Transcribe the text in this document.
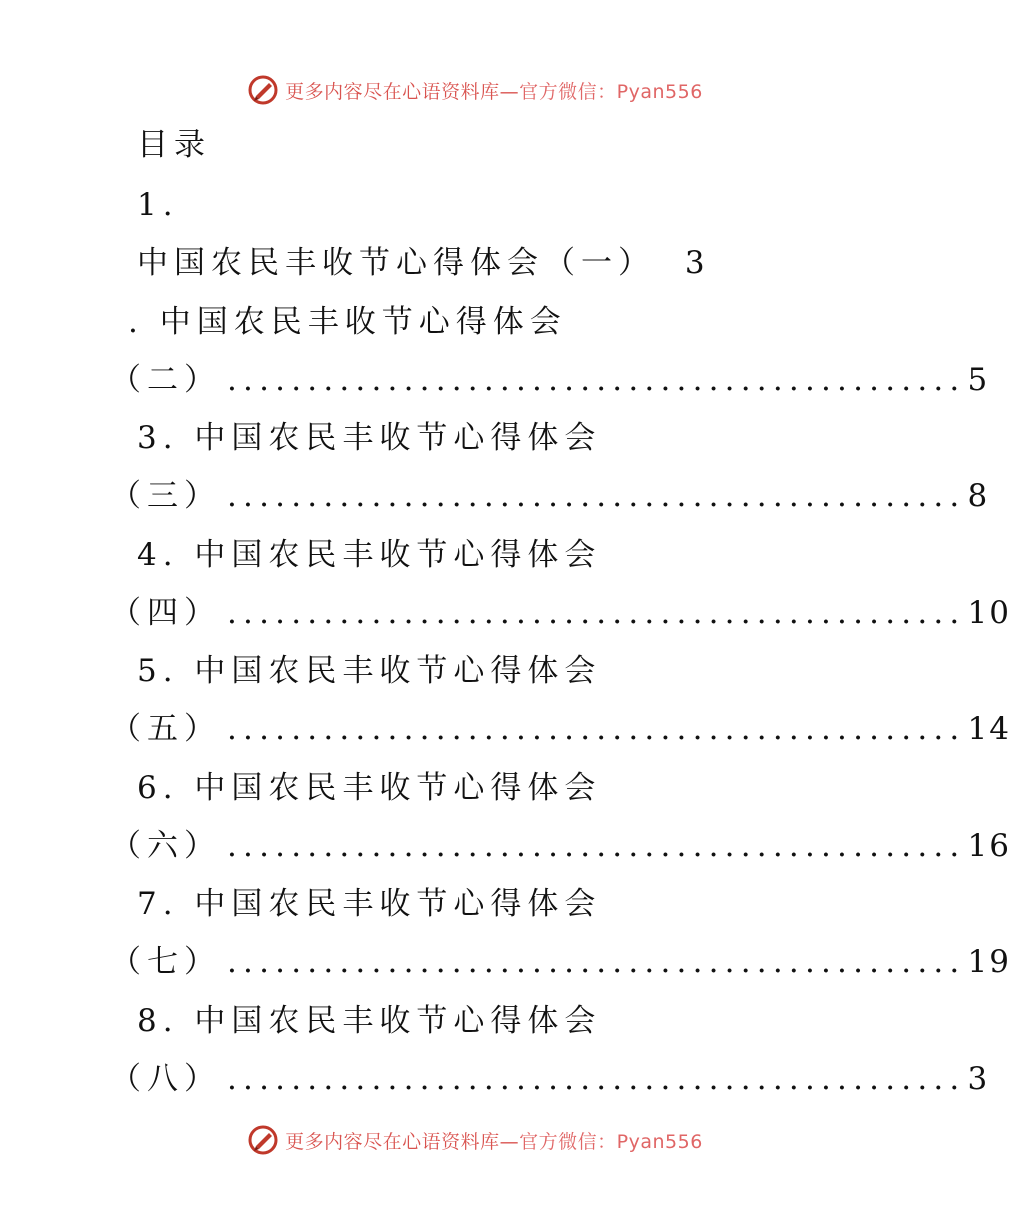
更多内容尽在心语资料库— 官方微信：Pyan556
目录
1.
中国农民丰收节心得体会（一） 3
. 中国农民丰收节心得体会
（二） .............................................. 5
3. 中国农民丰收节心得体会
（三） .............................................. 8
4. 中国农民丰收节心得体会
（四） .............................................. 10
5. 中国农民丰收节心得体会
（五） .............................................. 14
6. 中国农民丰收节心得体会
（六） .............................................. 16
7. 中国农民丰收节心得体会
（七） .............................................. 19
8. 中国农民丰收节心得体会
（八） .............................................. 3
更多内容尽在心语资料库— 官方微信：Pyan556
